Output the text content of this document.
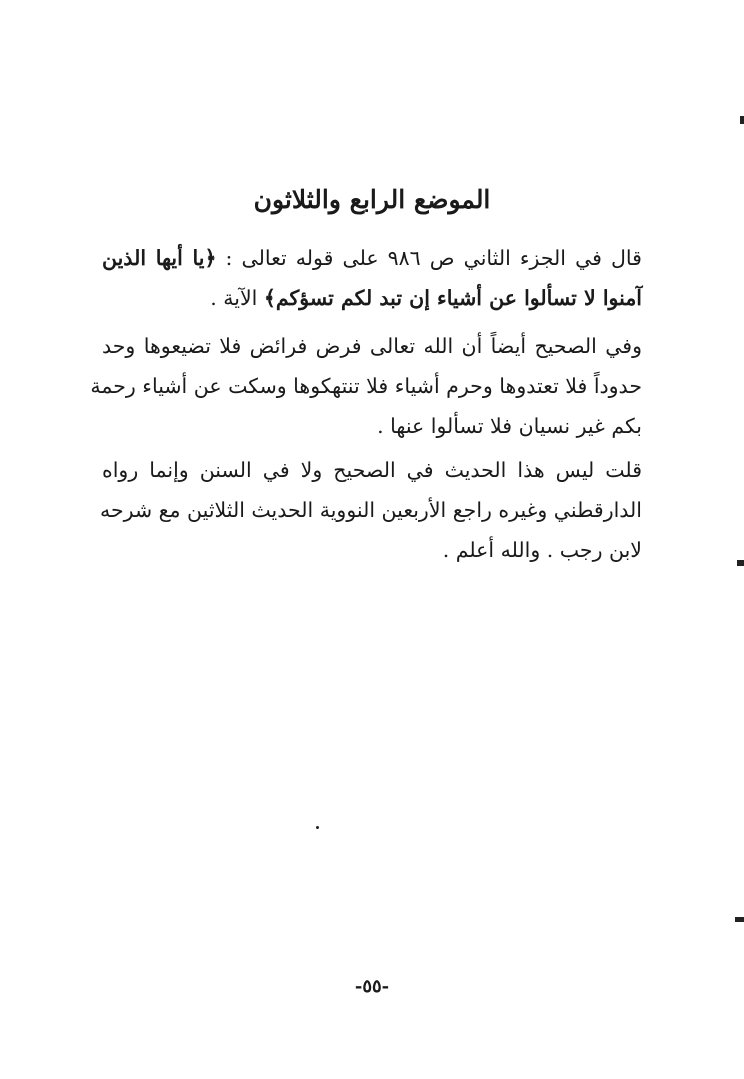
الموضع الرابع والثلاثون
قال في الجزء الثاني ص ٩٨٦ على قوله تعالى : ﴿يا أيها الذين
آمنوا لا تسألوا عن أشياء إن تبد لكم تسؤكم﴾ الآية .
وفي الصحيح أيضاً أن الله تعالى فرض فرائض فلا تضيعوها وحد
حدوداً فلا تعتدوها وحرم أشياء فلا تنتهكوها وسكت عن أشياء رحمة
بكم غير نسيان فلا تسألوا عنها .
قلت ليس هذا الحديث في الصحيح ولا في السنن وإنما رواه
الدارقطني وغيره راجع الأربعين النووية الحديث الثلاثين مع شرحه
لابن رجب . والله أعلم .
-٥٥-
